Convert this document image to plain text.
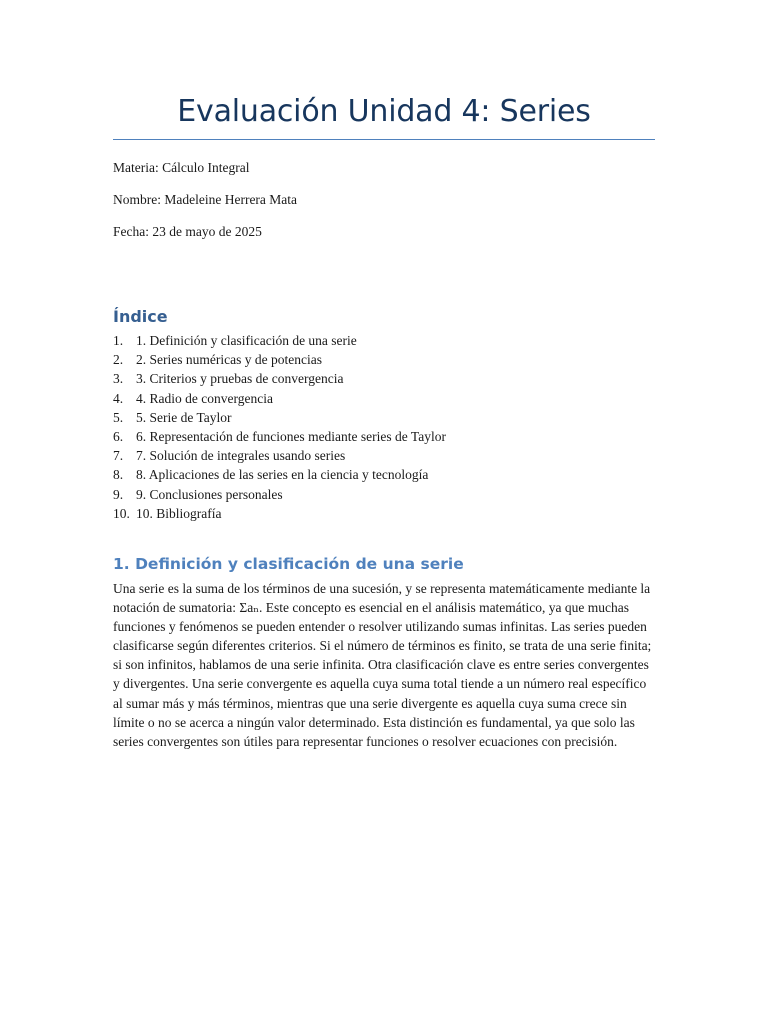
Evaluación Unidad 4: Series

Materia: Cálculo Integral

Nombre: Madeleine Herrera Mata

Fecha: 23 de mayo de 2025

Índice
1. 1. Definición y clasificación de una serie
2. 2. Series numéricas y de potencias
3. 3. Criterios y pruebas de convergencia
4. 4. Radio de convergencia
5. 5. Serie de Taylor
6. 6. Representación de funciones mediante series de Taylor
7. 7. Solución de integrales usando series
8. 8. Aplicaciones de las series en la ciencia y tecnología
9. 9. Conclusiones personales
10. 10. Bibliografía
1. Definición y clasificación de una serie

Una serie es la suma de los términos de una sucesión, y se representa matemáticamente mediante la notación de sumatoria: Σaₙ. Este concepto es esencial en el análisis matemático, ya que muchas funciones y fenómenos se pueden entender o resolver utilizando sumas infinitas. Las series pueden clasificarse según diferentes criterios. Si el número de términos es finito, se trata de una serie finita; si son infinitos, hablamos de una serie infinita. Otra clasificación clave es entre series convergentes y divergentes. Una serie convergente es aquella cuya suma total tiende a un número real específico al sumar más y más términos, mientras que una serie divergente es aquella cuya suma crece sin límite o no se acerca a ningún valor determinado. Esta distinción es fundamental, ya que solo las series convergentes son útiles para representar funciones o resolver ecuaciones con precisión.
